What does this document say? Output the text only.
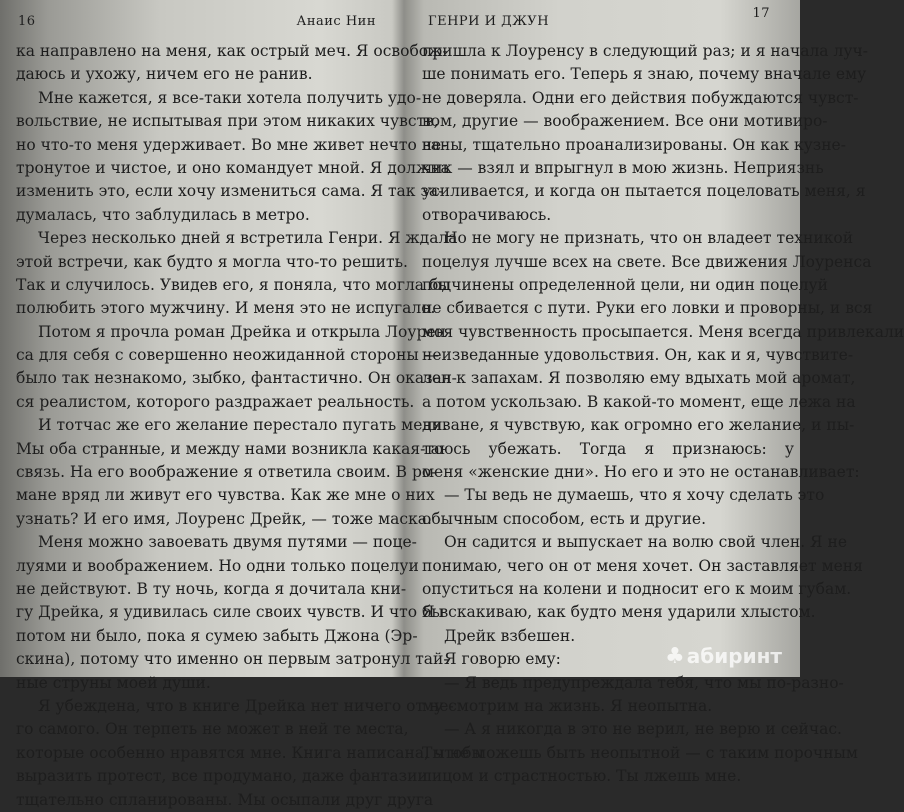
16	Анаис Нин
ка направлено на меня, как острый меч. Я освобож-
даюсь и ухожу, ничем его не ранив.
Мне кажется, я все-таки хотела получить удо-
вольствие, не испытывая при этом никаких чувств,
но что-то меня удерживает. Во мне живет нечто не-
тронутое и чистое, и оно командует мной. Я должна
изменить это, если хочу измениться сама. Я так за-
думалась, что заблудилась в метро.
Через несколько дней я встретила Генри. Я ждала
этой встречи, как будто я могла что-то решить.
Так и случилось. Увидев его, я поняла, что могла бы
полюбить этого мужчину. И меня это не испугало.
Потом я прочла роман Дрейка и открыла Лоурен-
са для себя с совершенно неожиданной стороны —
было так незнакомо, зыбко, фантастично. Он оказал-
ся реалистом, которого раздражает реальность.
И тотчас же его желание перестало пугать меня.
Мы оба странные, и между нами возникла какая-то
связь. На его воображение я ответила своим. В ро-
мане вряд ли живут его чувства. Как же мне о них
узнать? И его имя, Лоуренс Дрейк, — тоже маска.
Меня можно завоевать двумя путями — поце-
луями и воображением. Но одни только поцелуи
не действуют. В ту ночь, когда я дочитала кни-
гу Дрейка, я удивилась силе своих чувств. И что бы
потом ни было, пока я сумею забыть Джона (Эр-
скина), потому что именно он первым затронул тай-
ные струны моей души.
Я убеждена, что в книге Дрейка нет ничего от не-
го самого. Он терпеть не может в ней те места,
которые особенно нравятся мне. Книга написана, чтобы
выразить протест, все продумано, даже фантазии
тщательно спланированы. Мы осыпали друг друга
17
ГЕНРИ И ДЖУН
пришла к Лоуренсу в следующий раз; и я начала луч-
ше понимать его. Теперь я знаю, почему вначале ему
не доверяла. Одни его действия побуждаются чувст-
вом, другие — воображением. Все они мотивиро-
ваны, тщательно проанализированы. Он как кузне-
чик — взял и впрыгнул в мою жизнь. Неприязнь
усиливается, и когда он пытается поцеловать меня, я
отворачиваюсь.
Но не могу не признать, что он владеет техникой
поцелуя лучше всех на свете. Все движения Лоуренса
подчинены определенной цели, ни один поцелуй
не сбивается с пути. Руки его ловки и проворны, и вся
моя чувственность просыпается. Меня всегда привлекали
неизведанные удовольствия. Он, как и я, чувствите-
лен к запахам. Я позволяю ему вдыхать мой аромат,
а потом ускользаю. В какой-то момент, еще лежа на
диване, я чувствую, как огромно его желание, и пы-
таюсь убежать. Тогда я признаюсь: у
меня «женские дни». Но его и это не останавливает:
— Ты ведь не думаешь, что я хочу сделать это
обычным способом, есть и другие.
Он садится и выпускает на волю свой член. Я не
понимаю, чего он от меня хочет. Он заставляет меня
опуститься на колени и подносит его к моим губам.
Я вскакиваю, как будто меня ударили хлыстом.
Дрейк взбешен.
Я говорю ему:
— Я ведь предупреждала тебя, что мы по-разно-
му смотрим на жизнь. Я неопытна.
— А я никогда в это не верил, не верю и сейчас.
Ты не можешь быть неопытной — с таким порочным
лицом и страстностью. Ты лжешь мне.
♣ абиринт
